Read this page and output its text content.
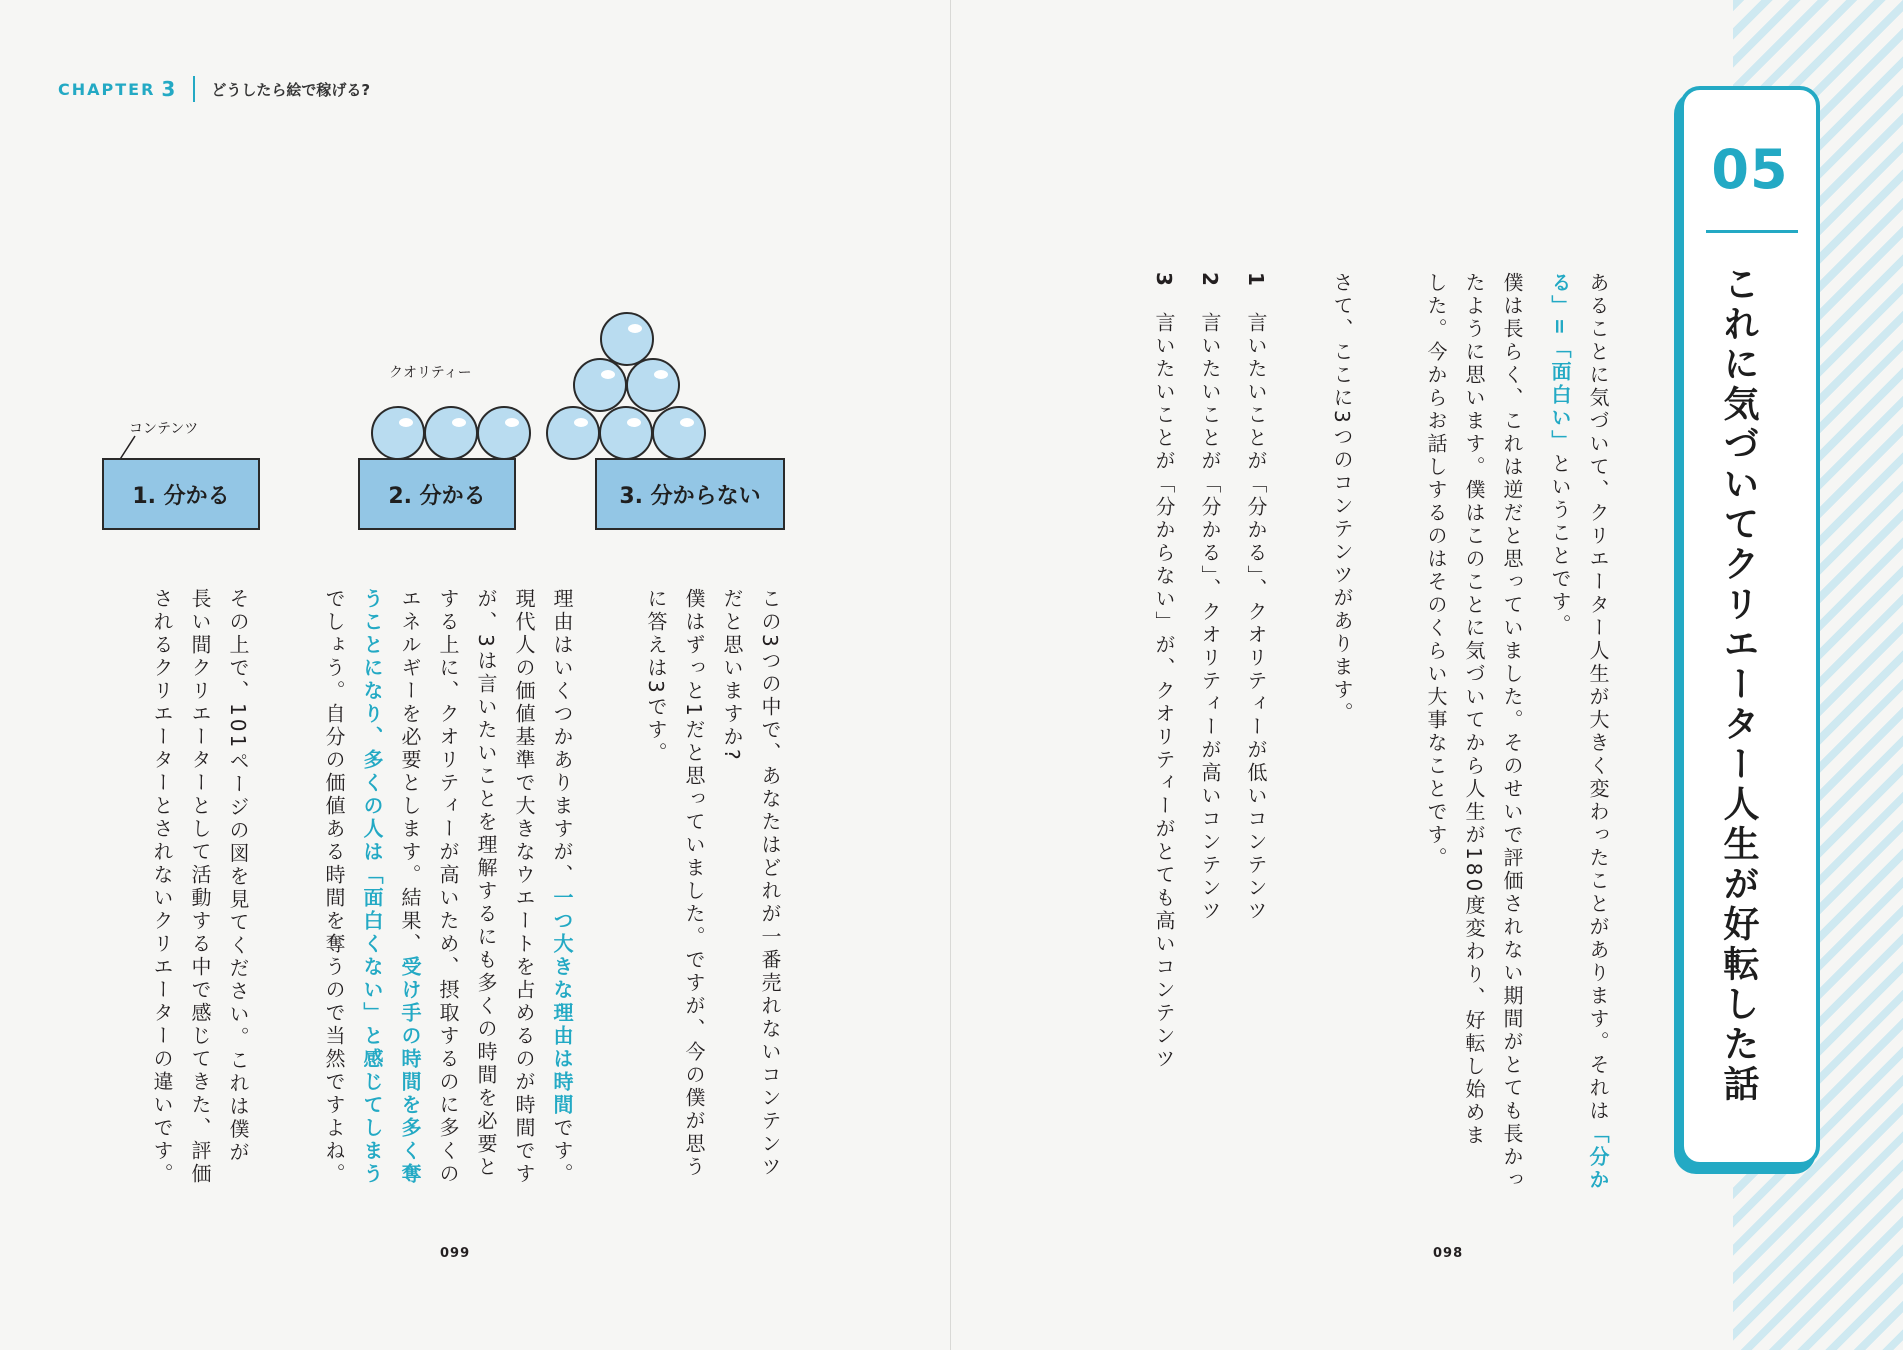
CHAPTER 3 どうしたら絵で稼げる?
コンテンツ
クオリティー
1. 分かる	2. 分かる	3. 分からない
この3つの中で、あなたはどれが一番売れないコンテンツ
だと思いますか?
僕はずっと1だと思っていました。ですが、今の僕が思う
に答えは3です。
理由はいくつかありますが、一つ大きな理由は時間です。
現代人の価値基準で大きなウエートを占めるのが時間です
が、3は言いたいことを理解するにも多くの時間を必要と
する上に、クオリティーが高いため、摂取するのに多くの
エネルギーを必要とします。結果、受け手の時間を多く奪
うことになり、多くの人は「面白くない」と感じてしまう
でしょう。自分の価値ある時間を奪うので当然ですよね。
その上で、101ページの図を見てください。これは僕が
長い間クリエーターとして活動する中で感じてきた、評価
されるクリエーターとされないクリエーターの違いです。
099
05
これに気づいてクリエーター人生が好転した話
あることに気づいて、クリエーター人生が大きく変わったことがあります。それは「分か
る」=「面白い」ということです。
僕は長らく、これは逆だと思っていました。そのせいで評価されない期間がとても長かっ
たように思います。僕はこのことに気づいてから人生が180度変わり、好転し始めま
した。今からお話しするのはそのくらい大事なことです。
さて、ここに3つのコンテンツがあります。
1
言いたいことが「分かる」、クオリティーが低いコンテンツ
2
言いたいことが「分かる」、クオリティーが高いコンテンツ
3
言いたいことが「分からない」が、クオリティーがとても高いコンテンツ
098
